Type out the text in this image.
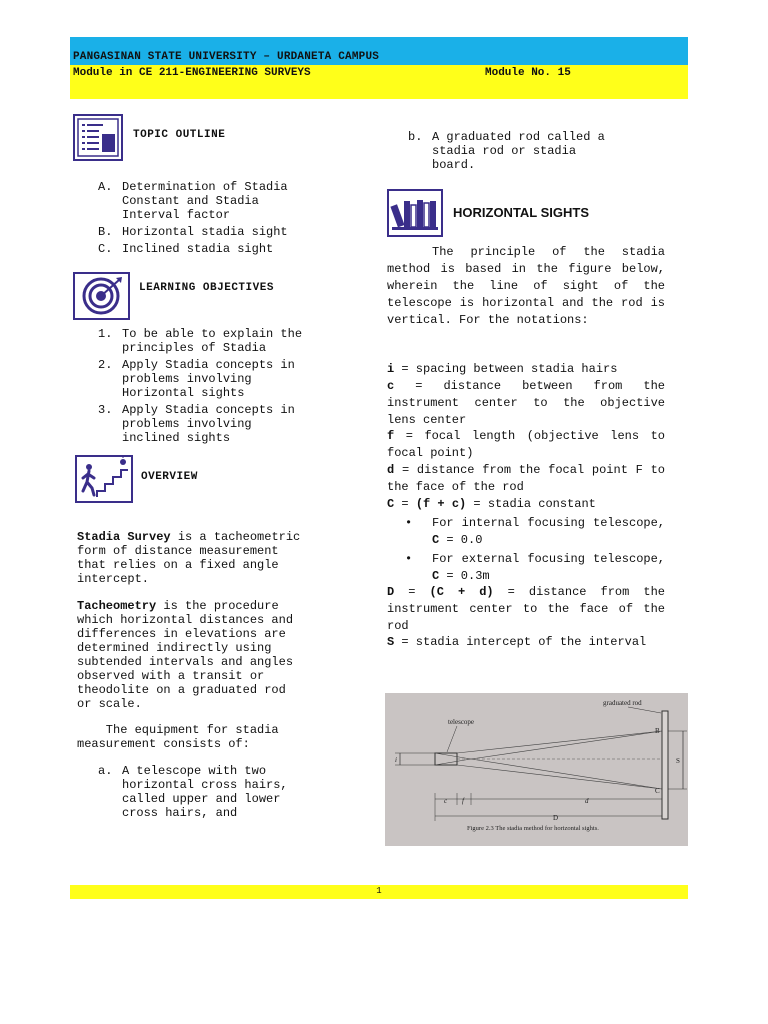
PANGASINAN STATE UNIVERSITY – URDANETA CAMPUS
Module in CE 211-ENGINEERING SURVEYS	Module No. 15
TOPIC OUTLINE
A. Determination of Stadia
Constant and Stadia
Interval factor
B. Horizontal stadia sight
C. Inclined stadia sight
LEARNING OBJECTIVES
1. To be able to explain the
principles of Stadia
2. Apply Stadia concepts in
problems involving
Horizontal sights
3. Apply Stadia concepts in
problems involving
inclined sights
OVERVIEW

Stadia Survey is a tacheometric
form of distance measurement
that relies on a fixed angle
intercept.

Tacheometry is the procedure
which horizontal distances and
differences in elevations are
determined indirectly using
subtended intervals and angles
observed with a transit or
theodolite on a graduated rod
or scale.

The equipment for stadia
measurement consists of:

a. A telescope with two
horizontal cross hairs,
called upper and lower
cross hairs, and
b. A graduated rod called a
stadia rod or stadia
board.
HORIZONTAL SIGHTS
The principle of the stadia method is based in the figure below, wherein the line of sight of the telescope is horizontal and the rod is vertical. For the notations:
i = spacing between stadia hairs
c = distance between from the instrument center to the objective lens center
f = focal length (objective lens to focal point)
d = distance from the focal point F to the face of the rod
C = (f + c) = stadia constant
• For internal focusing telescope, C = 0.0
• For external focusing telescope, C = 0.3m
D = (C + d) = distance from the instrument center to the face of the rod
S = stadia intercept of the interval
graduated rod
telescope
i
B
S
C
c f	d
D
Figure 2.3 The stadia method for horizontal sights.
1
